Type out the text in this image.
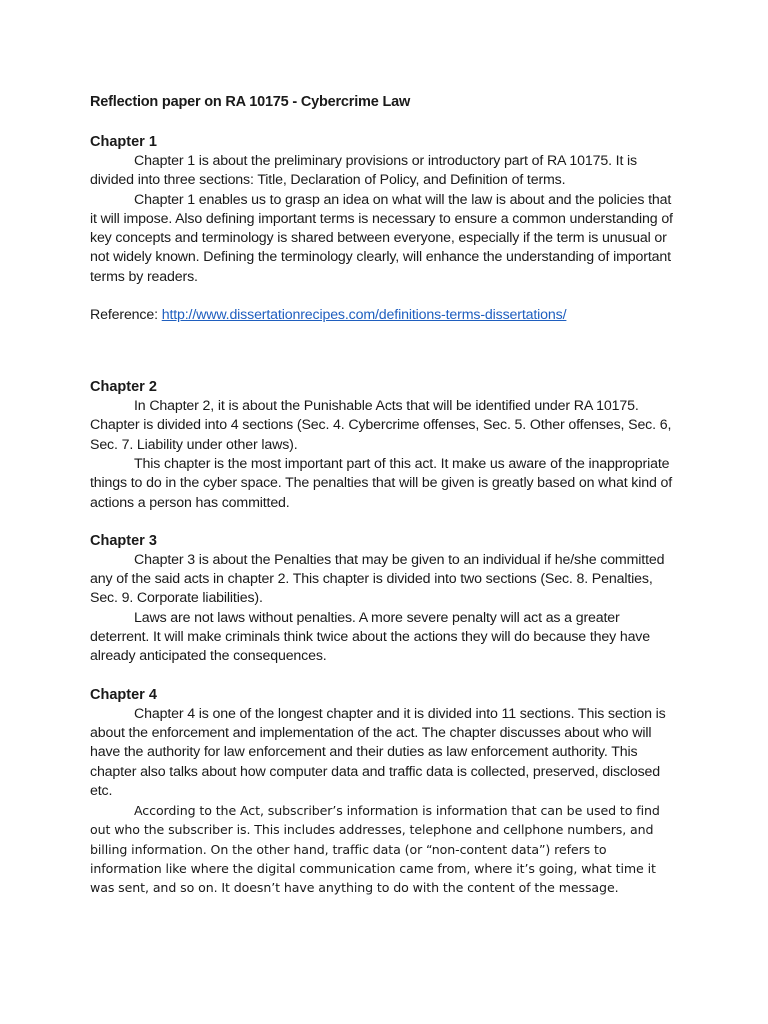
Reflection paper on RA 10175 - Cybercrime Law
Chapter 1

Chapter 1 is about the preliminary provisions or introductory part of RA 10175. It is divided into three sections: Title, Declaration of Policy, and Definition of terms.

Chapter 1 enables us to grasp an idea on what will the law is about and the policies that it will impose. Also defining important terms is necessary to ensure a common understanding of key concepts and terminology is shared between everyone, especially if the term is unusual or not widely known. Defining the terminology clearly, will enhance the understanding of important terms by readers.

Reference: http://www.dissertationrecipes.com/definitions-terms-dissertations/
Chapter 2

In Chapter 2, it is about the Punishable Acts that will be identified under RA 10175. Chapter is divided into 4 sections (Sec. 4. Cybercrime offenses, Sec. 5. Other offenses, Sec. 6, Sec. 7. Liability under other laws).

This chapter is the most important part of this act. It make us aware of the inappropriate things to do in the cyber space. The penalties that will be given is greatly based on what kind of actions a person has committed.

Chapter 3

Chapter 3 is about the Penalties that may be given to an individual if he/she committed any of the said acts in chapter 2. This chapter is divided into two sections (Sec. 8. Penalties, Sec. 9. Corporate liabilities).

Laws are not laws without penalties. A more severe penalty will act as a greater deterrent. It will make criminals think twice about the actions they will do because they have already anticipated the consequences.

Chapter 4

Chapter 4 is one of the longest chapter and it is divided into 11 sections. This section is about the enforcement and implementation of the act. The chapter discusses about who will have the authority for law enforcement and their duties as law enforcement authority. This chapter also talks about how computer data and traffic data is collected, preserved, disclosed etc.

According to the Act, subscriber’s information is information that can be used to find out who the subscriber is. This includes addresses, telephone and cellphone numbers, and billing information. On the other hand, traffic data (or “non-content data”) refers to information like where the digital communication came from, where it’s going, what time it was sent, and so on. It doesn’t have anything to do with the content of the message.
